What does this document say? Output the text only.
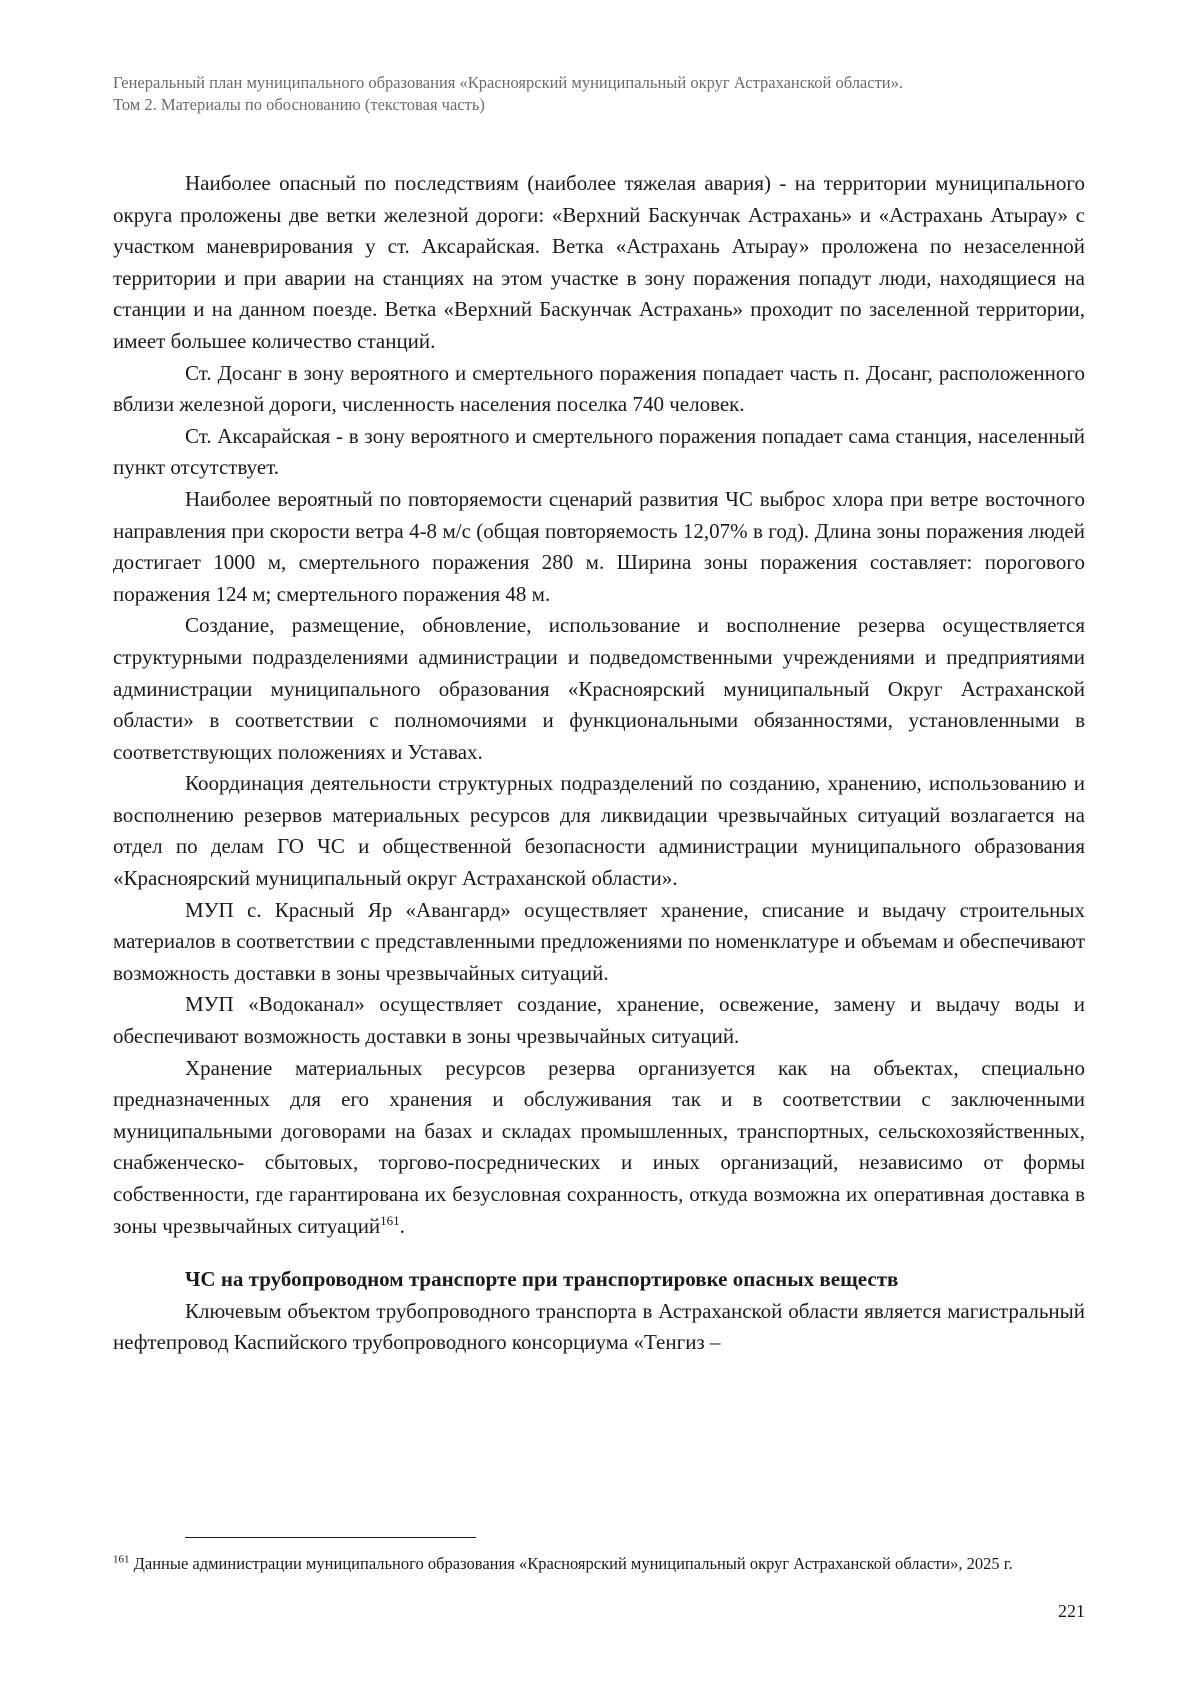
Генеральный план муниципального образования «Красноярский муниципальный округ Астраханской области».
Том 2. Материалы по обоснованию (текстовая часть)

Наиболее опасный по последствиям (наиболее тяжелая авария) - на территории муниципального округа проложены две ветки железной дороги: «Верхний Баскунчак Астрахань» и «Астрахань Атырау» с участком маневрирования у ст. Аксарайская. Ветка «Астрахань Атырау» проложена по незаселенной территории и при аварии на станциях на этом участке в зону поражения попадут люди, находящиеся на станции и на данном поезде. Ветка «Верхний Баскунчак Астрахань» проходит по заселенной территории, имеет большее количество станций.

Ст. Досанг в зону вероятного и смертельного поражения попадает часть п. Досанг, расположенного вблизи железной дороги, численность населения поселка 740 человек.

Ст. Аксарайская - в зону вероятного и смертельного поражения попадает сама станция, населенный пункт отсутствует.

Наиболее вероятный по повторяемости сценарий развития ЧС выброс хлора при ветре восточного направления при скорости ветра 4-8 м/с (общая повторяемость 12,07% в год). Длина зоны поражения людей достигает 1000 м, смертельного поражения 280 м. Ширина зоны поражения составляет: порогового поражения 124 м; смертельного поражения 48 м.

Создание, размещение, обновление, использование и восполнение резерва осуществляется структурными подразделениями администрации и подведомственными учреждениями и предприятиями администрации муниципального образования «Красноярский муниципальный Округ Астраханской области» в соответствии с полномочиями и функциональными обязанностями, установленными в соответствующих положениях и Уставах.

Координация деятельности структурных подразделений по созданию, хранению, использованию и восполнению резервов материальных ресурсов для ликвидации чрезвычайных ситуаций возлагается на отдел по делам ГО ЧС и общественной безопасности администрации муниципального образования «Красноярский муниципальный округ Астраханской области».

МУП с. Красный Яр «Авангард» осуществляет хранение, списание и выдачу строительных материалов в соответствии с представленными предложениями по номенклатуре и объемам и обеспечивают возможность доставки в зоны чрезвычайных ситуаций.

МУП «Водоканал» осуществляет создание, хранение, освежение, замену и выдачу воды и обеспечивают возможность доставки в зоны чрезвычайных ситуаций.

Хранение материальных ресурсов резерва организуется как на объектах, специально предназначенных для его хранения и обслуживания так и в соответствии с заключенными муниципальными договорами на базах и складах промышленных, транспортных, сельскохозяйственных, снабженческо- сбытовых, торгово-посреднических и иных организаций, независимо от формы собственности, где гарантирована их безусловная сохранность, откуда возможна их оперативная доставка в зоны чрезвычайных ситуаций$^{161}$.

ЧС на трубопроводном транспорте при транспортировке опасных веществ

Ключевым объектом трубопроводного транспорта в Астраханской области является магистральный нефтепровод Каспийского трубопроводного консорциума «Тенгиз –

$^{161}$ Данные администрации муниципального образования «Красноярский муниципальный округ Астраханской области», 2025 г.
221
